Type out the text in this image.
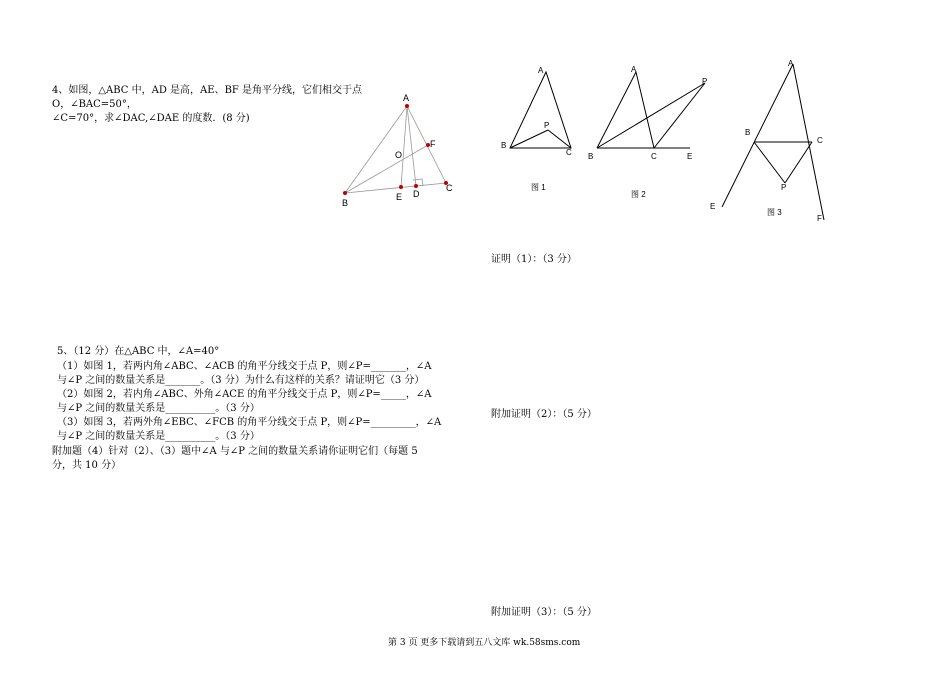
4、如图，△ABC 中，AD 是高，AE、BF 是角平分线，它们相交于点
O，∠BAC=50°，
∠C=70°，求∠DAC,∠DAE 的度数．(8 分)
A
B
C
D
E
F
O
A
B
C
P
A
B	C	E
P
A
B
C
E
F
P
图 1
图 2
图 3
证明（1）：（3 分）
附加证明（2）：（5 分）
附加证明（3）：（5 分）
5、（12 分）在△ABC 中，∠A=40°
（1）如图 1，若两内角∠ABC、∠ACB 的角平分线交于点 P，则∠P=_______，∠A
与∠P 之间的数量关系是_______。（3 分）为什么有这样的关系？请证明它（3 分）
（2）如图 2，若内角∠ABC、外角∠ACE 的角平分线交于点 P，则∠P=_____，∠A
与∠P 之间的数量关系是__________。（3 分）
（3）如图 3，若两外角∠EBC、∠FCB 的角平分线交于点 P，则∠P=_________，∠A
与∠P 之间的数量关系是__________。（3 分）
附加题（4）针对（2）、（3）题中∠A 与∠P 之间的数量关系请你证明它们（每题 5
分，共 10 分）
第 3 页 更多下载请到五八文库 wk.58sms.com
